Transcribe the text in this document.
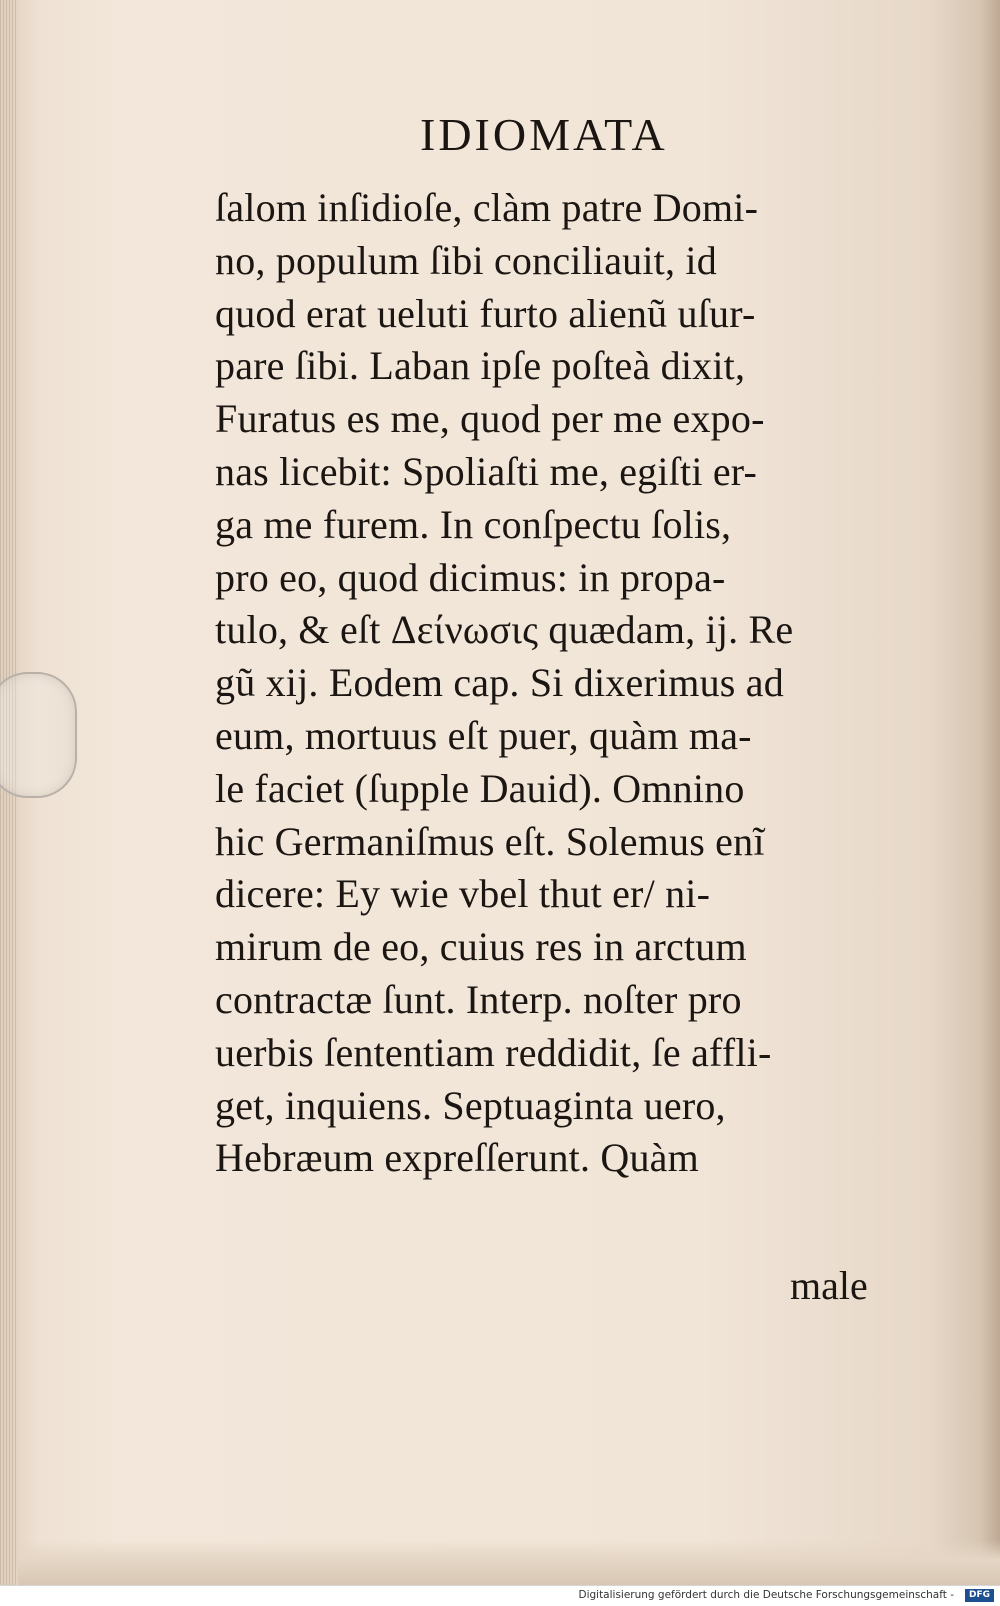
IDIOMATA
ſalom inſidioſe, clàm patre Domi-
no, populum ſibi conciliauit, id
quod erat ueluti furto alienũ uſur-
pare ſibi. Laban ipſe poſteà dixit,
Furatus es me, quod per me expo-
nas licebit: Spoliaſti me, egiſti er-
ga me furem. In conſpectu ſolis,
pro eo, quod dicimus: in propa-
tulo, & eſt Δείνωσις quædam, ij. Re
gũ xij. Eodem cap. Si dixerimus ad
eum, mortuus eſt puer, quàm ma-
le faciet (ſupple Dauid). Omnino
hic Germaniſmus eſt. Solemus enĩ
dicere: Ey wie vbel thut er/ ni-
mirum de eo, cuius res in arctum
contractæ ſunt. Interp. noſter pro
uerbis ſententiam reddidit, ſe affli-
get, inquiens. Septuaginta uero,
Hebræum expreſſerunt. Quàm
male
Digitalisierung gefördert durch die Deutsche Forschungsgemeinschaft -	DFG
